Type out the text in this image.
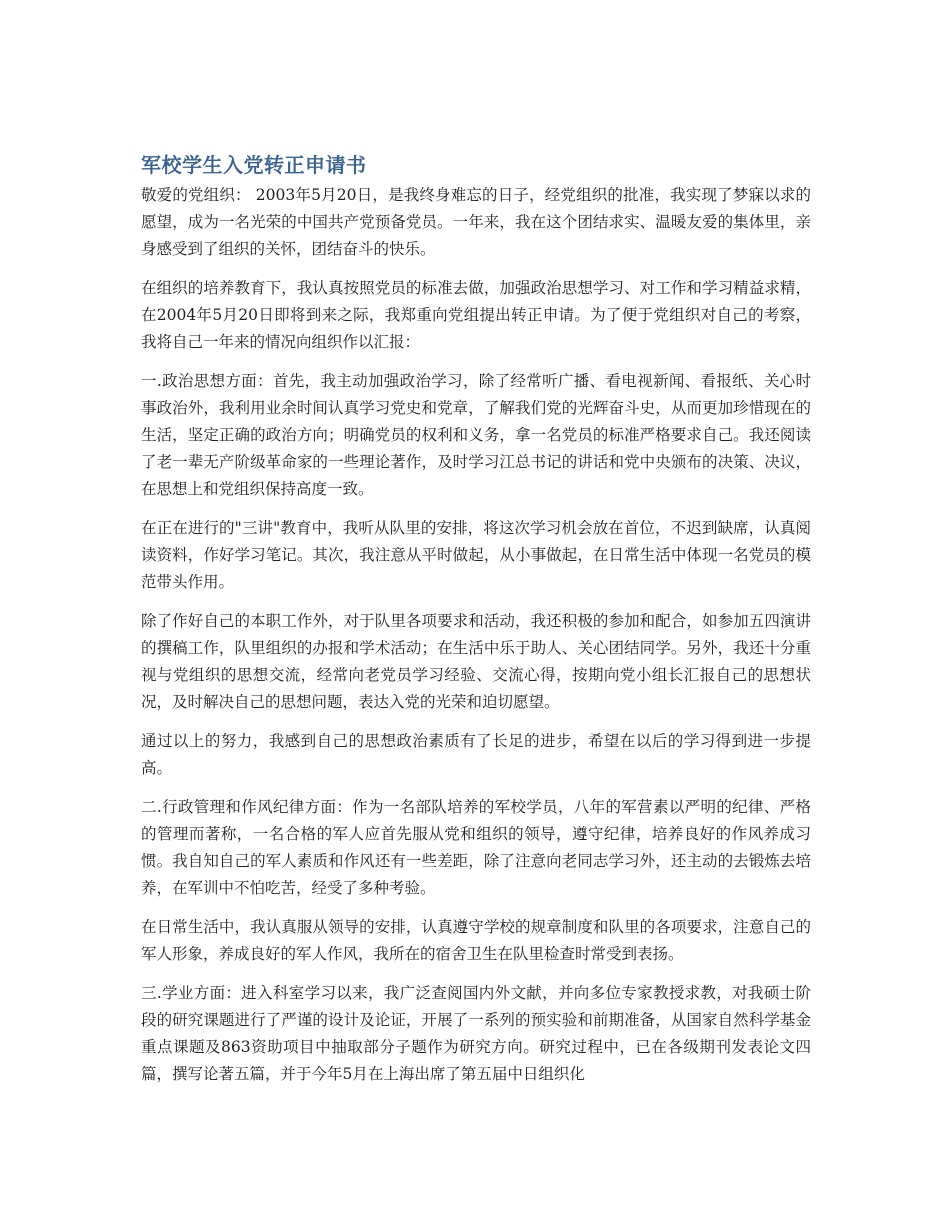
军校学生入党转正申请书

敬爱的党组织： 2003年5月20日，是我终身难忘的日子，经党组织的批准，我实现了梦寐以求的愿望，成为一名光荣的中国共产党预备党员。一年来，我在这个团结求实、温暖友爱的集体里，亲身感受到了组织的关怀，团结奋斗的快乐。

在组织的培养教育下，我认真按照党员的标准去做，加强政治思想学习、对工作和学习精益求精，在2004年5月20日即将到来之际，我郑重向党组提出转正申请。为了便于党组织对自己的考察，我将自己一年来的情况向组织作以汇报：

一.政治思想方面：首先，我主动加强政治学习，除了经常听广播、看电视新闻、看报纸、关心时事政治外，我利用业余时间认真学习党史和党章，了解我们党的光辉奋斗史，从而更加珍惜现在的生活，坚定正确的政治方向；明确党员的权利和义务，拿一名党员的标准严格要求自己。我还阅读了老一辈无产阶级革命家的一些理论著作，及时学习江总书记的讲话和党中央颁布的决策、决议，在思想上和党组织保持高度一致。

在正在进行的"三讲"教育中，我听从队里的安排，将这次学习机会放在首位，不迟到缺席，认真阅读资料，作好学习笔记。其次，我注意从平时做起，从小事做起，在日常生活中体现一名党员的模范带头作用。

除了作好自己的本职工作外，对于队里各项要求和活动，我还积极的参加和配合，如参加五四演讲的撰稿工作，队里组织的办报和学术活动；在生活中乐于助人、关心团结同学。另外，我还十分重视与党组织的思想交流，经常向老党员学习经验、交流心得，按期向党小组长汇报自己的思想状况，及时解决自己的思想问题，表达入党的光荣和迫切愿望。

通过以上的努力，我感到自己的思想政治素质有了长足的进步，希望在以后的学习得到进一步提高。

二.行政管理和作风纪律方面：作为一名部队培养的军校学员，八年的军营素以严明的纪律、严格的管理而著称，一名合格的军人应首先服从党和组织的领导，遵守纪律，培养良好的作风养成习惯。我自知自己的军人素质和作风还有一些差距，除了注意向老同志学习外，还主动的去锻炼去培养，在军训中不怕吃苦，经受了多种考验。

在日常生活中，我认真服从领导的安排，认真遵守学校的规章制度和队里的各项要求，注意自己的军人形象，养成良好的军人作风，我所在的宿舍卫生在队里检查时常受到表扬。

三.学业方面：进入科室学习以来，我广泛查阅国内外文献，并向多位专家教授求教，对我硕士阶段的研究课题进行了严谨的设计及论证，开展了一系列的预实验和前期准备，从国家自然科学基金重点课题及863资助项目中抽取部分子题作为研究方向。研究过程中，已在各级期刊发表论文四篇，撰写论著五篇，并于今年5月在上海出席了第五届中日组织化
